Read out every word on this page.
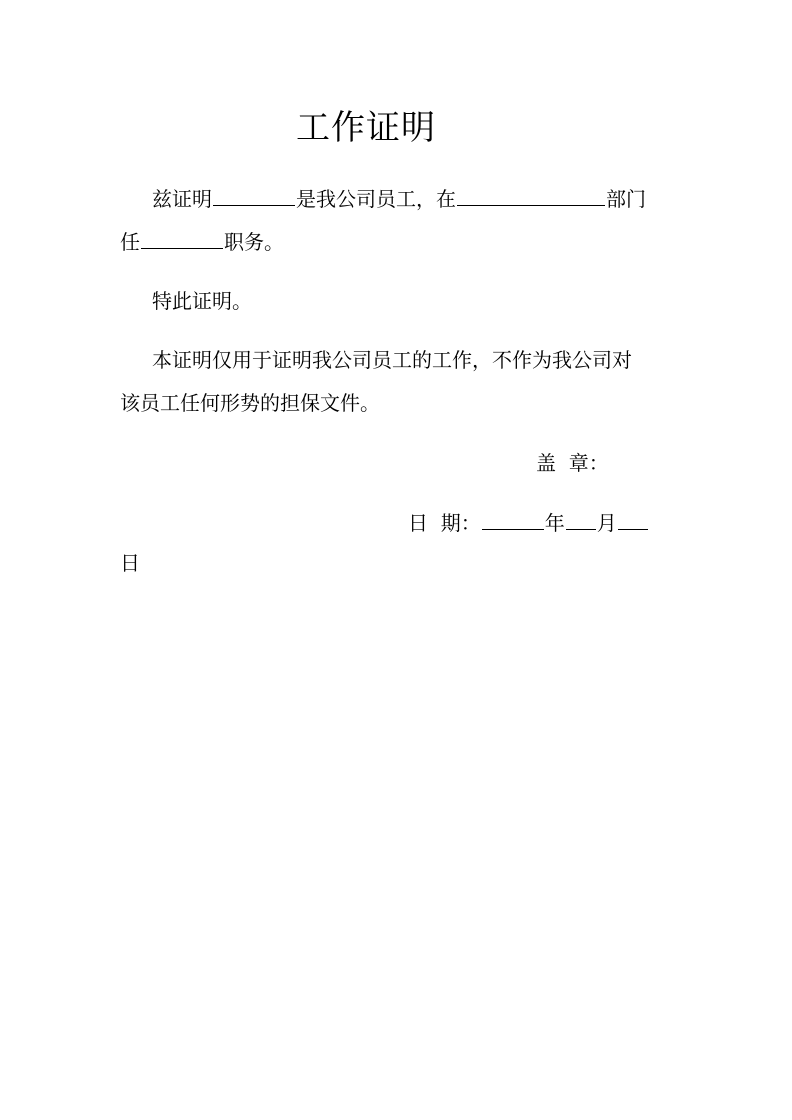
工作证明
兹证明	是我公司员工，在	部门
任	职务。
特此证明。
本证明仅用于证明我公司员工的工作，不作为我公司对
该员工任何形势的担保文件。
盖  章：
日  期：	年 月
日
